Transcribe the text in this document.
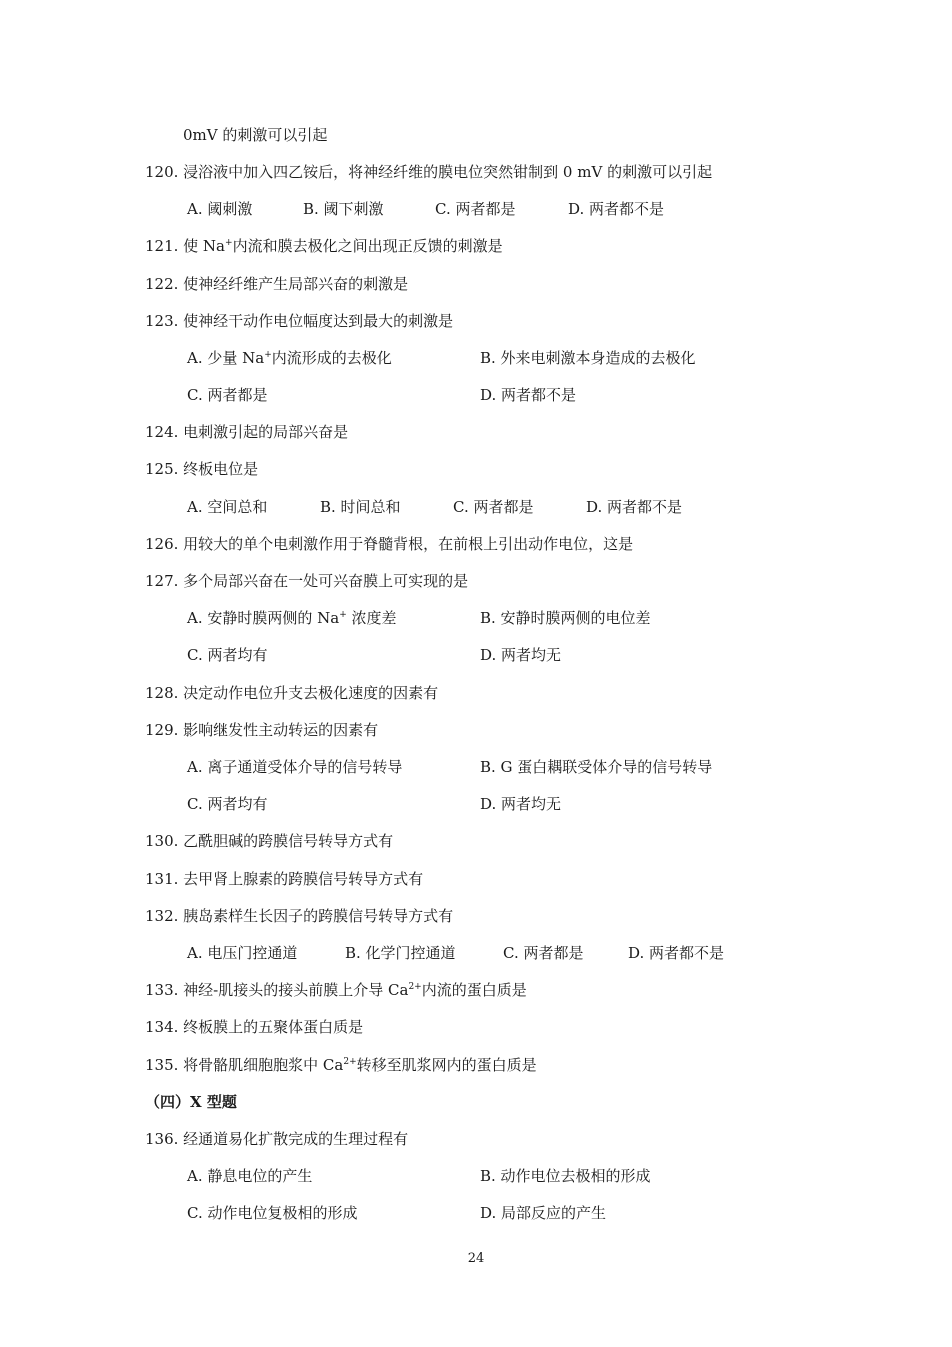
0mV 的刺激可以引起
120. 浸浴液中加入四乙铵后，将神经纤维的膜电位突然钳制到 0 mV 的刺激可以引起
A. 阈刺激	B. 阈下刺激	C. 两者都是	D. 两者都不是
121. 使 Na+内流和膜去极化之间出现正反馈的刺激是
122. 使神经纤维产生局部兴奋的刺激是
123. 使神经干动作电位幅度达到最大的刺激是
A. 少量 Na+内流形成的去极化	B. 外来电刺激本身造成的去极化
C. 两者都是	D. 两者都不是
124. 电刺激引起的局部兴奋是
125. 终板电位是
A. 空间总和	B. 时间总和	C. 两者都是	D. 两者都不是
126. 用较大的单个电刺激作用于脊髓背根，在前根上引出动作电位，这是
127. 多个局部兴奋在一处可兴奋膜上可实现的是
A. 安静时膜两侧的 Na+ 浓度差	B. 安静时膜两侧的电位差
C. 两者均有	D. 两者均无
128. 决定动作电位升支去极化速度的因素有
129. 影响继发性主动转运的因素有
A. 离子通道受体介导的信号转导	B. G 蛋白耦联受体介导的信号转导
C. 两者均有	D. 两者均无
130. 乙酰胆碱的跨膜信号转导方式有
131. 去甲肾上腺素的跨膜信号转导方式有
132. 胰岛素样生长因子的跨膜信号转导方式有
A. 电压门控通道	B. 化学门控通道	C. 两者都是	D. 两者都不是
133. 神经-肌接头的接头前膜上介导 $Ca^{2+}$内流的蛋白质是
134. 终板膜上的五聚体蛋白质是
135. 将骨骼肌细胞胞浆中 $Ca^{2+}$转移至肌浆网内的蛋白质是
（四）X 型题
136. 经通道易化扩散完成的生理过程有
A. 静息电位的产生	B. 动作电位去极相的形成
C. 动作电位复极相的形成	D. 局部反应的产生
24
